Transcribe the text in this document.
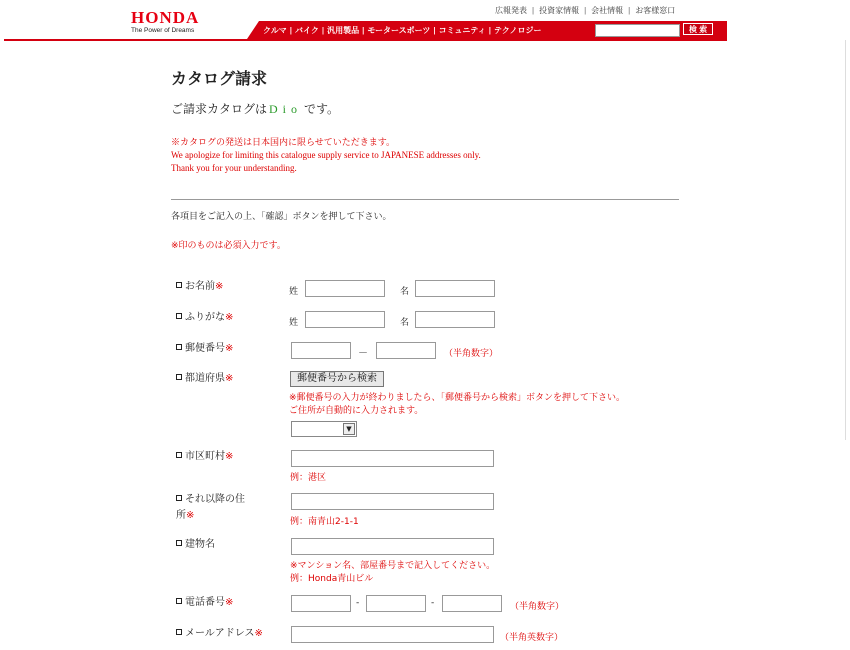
HONDA
The Power of Dreams
広報発表 | 投資家情報 | 会社情報 | お客様窓口
クルマ | バイク | 汎用製品 | モータースポーツ | コミュニティ | テクノロジー	検 索
カタログ請求
ご請求カタログは Dio です。
※カタログの発送は日本国内に限らせていただきます。
We apologize for limiting this catalogue supply service to JAPANESE addresses only.
Thank you for your understanding.
各項目をご記入の上、「確認」ボタンを押して下さい。
※印のものは必須入力です。
お名前※	姓	名
ふりがな※	姓	名
郵便番号※	－	（半角数字）
都道府県※	郵便番号から検索
※郵便番号の入力が終わりましたら、「郵便番号から検索」ボタンを押して下さい。
ご住所が自動的に入力されます。
▼
市区町村※
例：港区
それ以降の住
所※
例：南青山2-1-1
建物名
※マンション名、部屋番号まで記入してください。
例：Honda青山ビル
電話番号※	-	-	（半角数字）
メールアドレス※	（半角英数字）
